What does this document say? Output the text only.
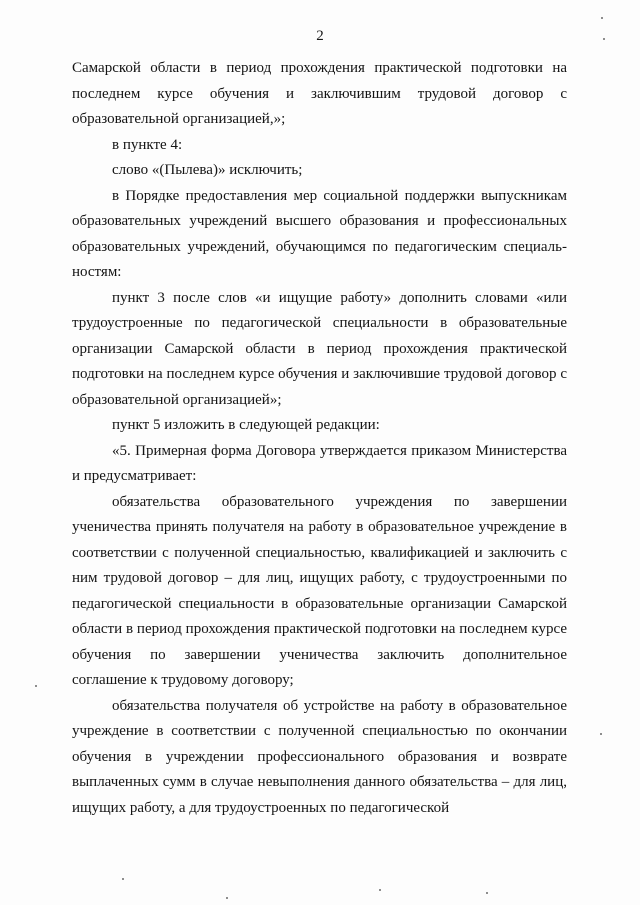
2

Самарской области в период прохождения практической подготовки на последнем курсе обучения и заключившим трудовой договор с образовательной организацией,»;

в пункте 4:

слово «(Пылева)» исключить;

в Порядке предоставления мер социальной поддержки выпускникам образовательных учреждений высшего образования и профессиональных образовательных учреждений, обучающимся по педагогическим специаль-ностям:

пункт 3 после слов «и ищущие работу» дополнить словами «или трудоустроенные по педагогической специальности в образовательные организации Самарской области в период прохождения практической подготовки на последнем курсе обучения и заключившие трудовой договор с образовательной организацией»;

пункт 5 изложить в следующей редакции:

«5. Примерная форма Договора утверждается приказом Министерства и предусматривает:

обязательства образовательного учреждения по завершении ученичества принять получателя на работу в образовательное учреждение в соответствии с полученной специальностью, квалификацией и заключить с ним трудовой договор – для лиц, ищущих работу, с трудоустроенными по педагогической специальности в образовательные организации Самарской области в период прохождения практической подготовки на последнем курсе обучения по завершении ученичества заключить дополнительное соглашение к трудовому договору;

обязательства получателя об устройстве на работу в образовательное учреждение в соответствии с полученной специальностью по окончании обучения в учреждении профессионального образования и возврате выплаченных сумм в случае невыполнения данного обязательства – для лиц, ищущих работу, а для трудоустроенных по педагогической
